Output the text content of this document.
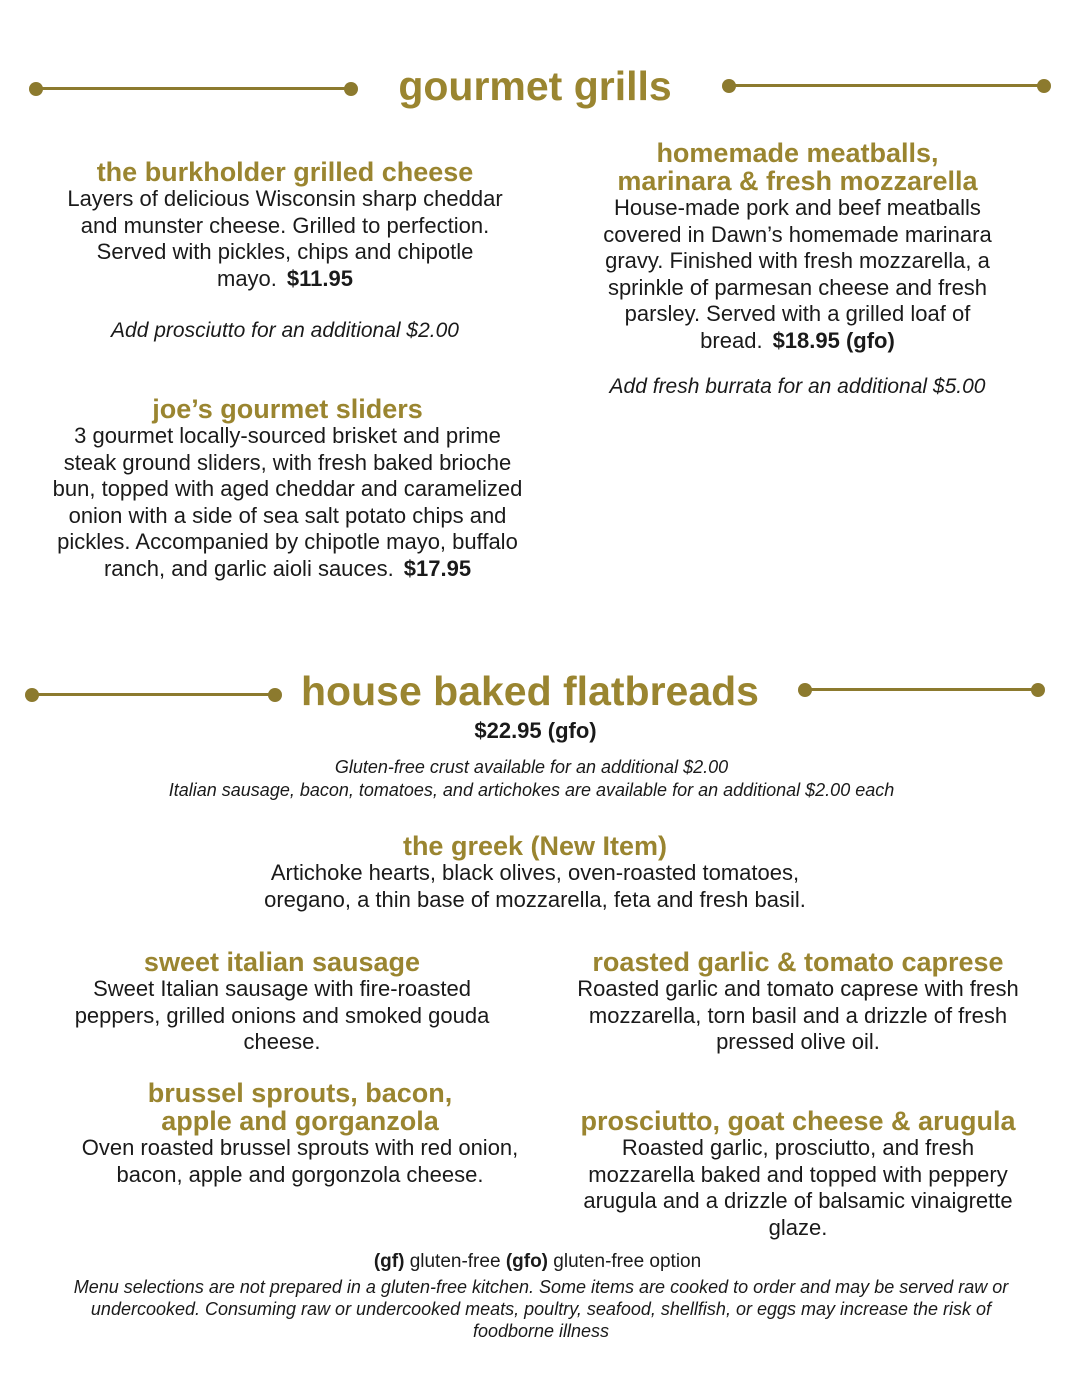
gourmet grills
the burkholder grilled cheese
Layers of delicious Wisconsin sharp cheddar and munster cheese. Grilled to perfection. Served with pickles, chips and chipotle mayo. $11.95
Add prosciutto for an additional $2.00
joe’s gourmet sliders
3 gourmet locally-sourced brisket and prime steak ground sliders, with fresh baked brioche bun, topped with aged cheddar and caramelized onion with a side of sea salt potato chips and pickles. Accompanied by chipotle mayo, buffalo ranch, and garlic aioli sauces. $17.95
homemade meatballs,
marinara & fresh mozzarella
House-made pork and beef meatballs covered in Dawn’s homemade marinara gravy. Finished with fresh mozzarella, a sprinkle of parmesan cheese and fresh parsley. Served with a grilled loaf of bread. $18.95 (gfo)
Add fresh burrata for an additional $5.00
house baked flatbreads
$22.95 (gfo)
Gluten-free crust available for an additional $2.00
Italian sausage, bacon, tomatoes, and artichokes are available for an additional $2.00 each
the greek (New Item)
Artichoke hearts, black olives, oven-roasted tomatoes,
oregano, a thin base of mozzarella, feta and fresh basil.
sweet italian sausage
Sweet Italian sausage with fire-roasted peppers, grilled onions and smoked gouda cheese.
roasted garlic & tomato caprese
Roasted garlic and tomato caprese with fresh mozzarella, torn basil and a drizzle of fresh pressed olive oil.
brussel sprouts, bacon,
apple and gorganzola
Oven roasted brussel sprouts with red onion, bacon, apple and gorgonzola cheese.
prosciutto, goat cheese & arugula
Roasted garlic, prosciutto, and fresh mozzarella baked and topped with peppery arugula and a drizzle of balsamic vinaigrette glaze.
(gf) gluten-free (gfo) gluten-free option
Menu selections are not prepared in a gluten-free kitchen. Some items are cooked to order and may be served raw or undercooked. Consuming raw or undercooked meats, poultry, seafood, shellfish, or eggs may increase the risk of foodborne illness
